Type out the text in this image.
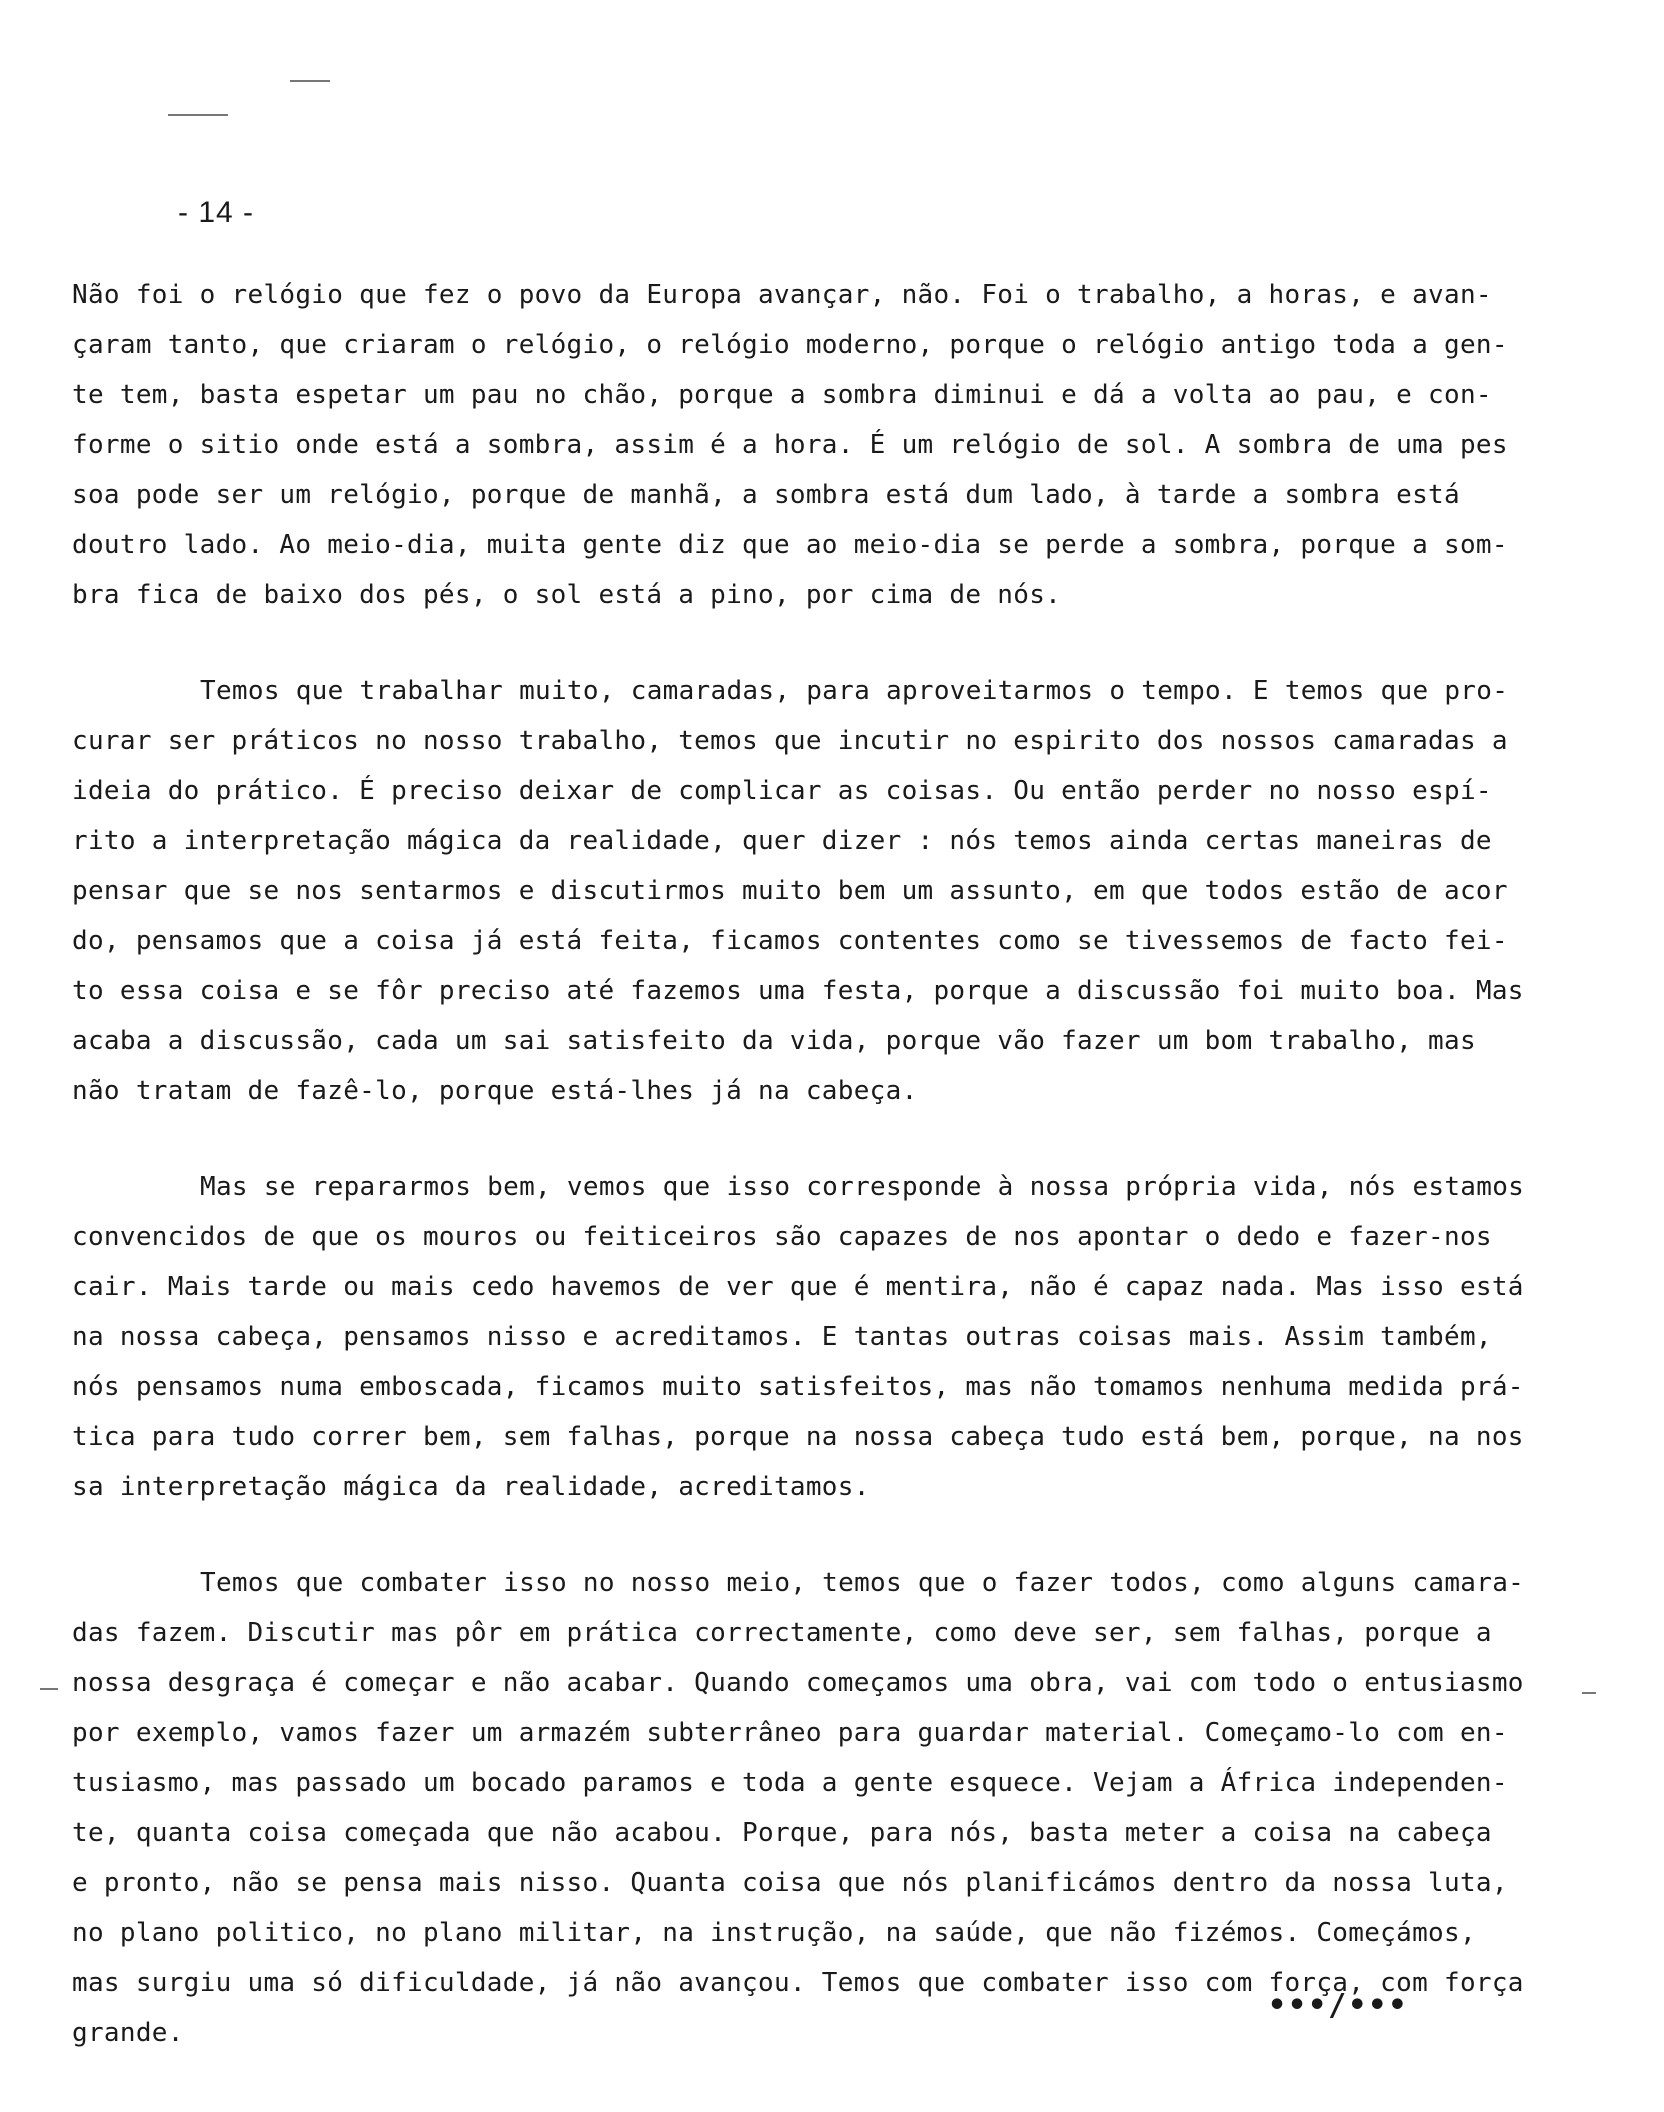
- 14 -
Não foi o relógio que fez o povo da Europa avançar, não. Foi o trabalho, a horas, e avan-
çaram tanto, que criaram o relógio, o relógio moderno, porque o relógio antigo toda a gen-
te tem, basta espetar um pau no chão, porque a sombra diminui e dá a volta ao pau, e con-
forme o sitio onde está a sombra, assim é a hora. É um relógio de sol. A sombra de uma pes
soa pode ser um relógio, porque de manhã, a sombra está dum lado, à tarde a sombra está
doutro lado. Ao meio-dia, muita gente diz que ao meio-dia se perde a sombra, porque a som-
bra fica de baixo dos pés, o sol está a pino, por cima de nós.
Temos que trabalhar muito, camaradas, para aproveitarmos o tempo. E temos que pro-
curar ser práticos no nosso trabalho, temos que incutir no espirito dos nossos camaradas a
ideia do prático. É preciso deixar de complicar as coisas. Ou então perder no nosso espí-
rito a interpretação mágica da realidade, quer dizer : nós temos ainda certas maneiras de
pensar que se nos sentarmos e discutirmos muito bem um assunto, em que todos estão de acor
do, pensamos que a coisa já está feita, ficamos contentes como se tivessemos de facto fei-
to essa coisa e se fôr preciso até fazemos uma festa, porque a discussão foi muito boa. Mas
acaba a discussão, cada um sai satisfeito da vida, porque vão fazer um bom trabalho, mas
não tratam de fazê-lo, porque está-lhes já na cabeça.
Mas se repararmos bem, vemos que isso corresponde à nossa própria vida, nós estamos
convencidos de que os mouros ou feiticeiros são capazes de nos apontar o dedo e fazer-nos
cair. Mais tarde ou mais cedo havemos de ver que é mentira, não é capaz nada. Mas isso está
na nossa cabeça, pensamos nisso e acreditamos. E tantas outras coisas mais. Assim também,
nós pensamos numa emboscada, ficamos muito satisfeitos, mas não tomamos nenhuma medida prá-
tica para tudo correr bem, sem falhas, porque na nossa cabeça tudo está bem, porque, na nos
sa interpretação mágica da realidade, acreditamos.
Temos que combater isso no nosso meio, temos que o fazer todos, como alguns camara-
das fazem. Discutir mas pôr em prática correctamente, como deve ser, sem falhas, porque a
nossa desgraça é começar e não acabar. Quando começamos uma obra, vai com todo o entusiasmo
por exemplo, vamos fazer um armazém subterrâneo para guardar material. Começamo-lo com en-
tusiasmo, mas passado um bocado paramos e toda a gente esquece. Vejam a África independen-
te, quanta coisa começada que não acabou. Porque, para nós, basta meter a coisa na cabeça
e pronto, não se pensa mais nisso. Quanta coisa que nós planificámos dentro da nossa luta,
no plano politico, no plano militar, na instrução, na saúde, que não fizémos. Começámos,
mas surgiu uma só dificuldade, já não avançou. Temos que combater isso com força, com força
grande.
•••/•••
